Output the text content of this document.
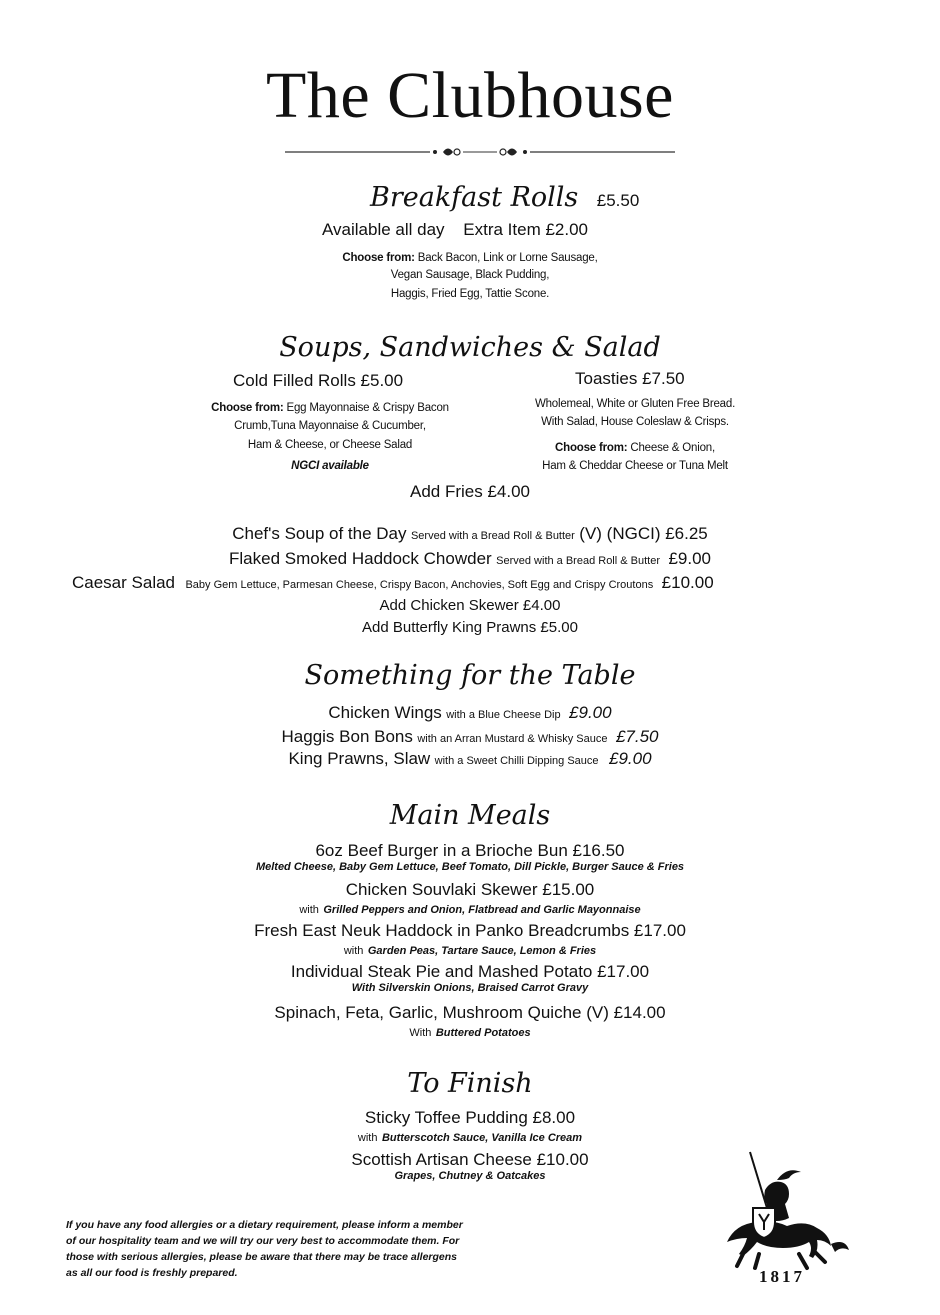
The Clubhouse
Breakfast Rolls £5.50
Available all day Extra Item £2.00
Choose from: Back Bacon, Link or Lorne Sausage,
Vegan Sausage, Black Pudding,
Haggis, Fried Egg, Tattie Scone.
Soups, Sandwiches & Salad
Cold Filled Rolls £5.00
Choose from: Egg Mayonnaise & Crispy Bacon
Crumb,Tuna Mayonnaise & Cucumber,
Ham & Cheese, or Cheese Salad
NGCI available
Toasties £7.50
Wholemeal, White or Gluten Free Bread.
With Salad, House Coleslaw & Crisps.
Choose from: Cheese & Onion,
Ham & Cheddar Cheese or Tuna Melt
Add Fries £4.00
Chef's Soup of the Day Served with a Bread Roll & Butter (V) (NGCI) £6.25
Flaked Smoked Haddock Chowder Served with a Bread Roll & Butter £9.00
Caesar Salad Baby Gem Lettuce, Parmesan Cheese, Crispy Bacon, Anchovies, Soft Egg and Crispy Croutons £10.00
Add Chicken Skewer £4.00
Add Butterfly King Prawns £5.00
Something for the Table
Chicken Wings with a Blue Cheese Dip £9.00
Haggis Bon Bons with an Arran Mustard & Whisky Sauce £7.50
King Prawns, Slaw with a Sweet Chilli Dipping Sauce £9.00
Main Meals
6oz Beef Burger in a Brioche Bun £16.50
Melted Cheese, Baby Gem Lettuce, Beef Tomato, Dill Pickle, Burger Sauce & Fries
Chicken Souvlaki Skewer £15.00
with Grilled Peppers and Onion, Flatbread and Garlic Mayonnaise
Fresh East Neuk Haddock in Panko Breadcrumbs £17.00
with Garden Peas, Tartare Sauce, Lemon & Fries
Individual Steak Pie and Mashed Potato £17.00
With Silverskin Onions, Braised Carrot Gravy
Spinach, Feta, Garlic, Mushroom Quiche (V) £14.00
With Buttered Potatoes
To Finish
Sticky Toffee Pudding £8.00
with Butterscotch Sauce, Vanilla Ice Cream
Scottish Artisan Cheese £10.00
Grapes, Chutney & Oatcakes
If you have any food allergies or a dietary requirement, please inform a member of our hospitality team and we will try our very best to accommodate them. For those with serious allergies, please be aware that there may be trace allergens as all our food is freshly prepared.	1817
